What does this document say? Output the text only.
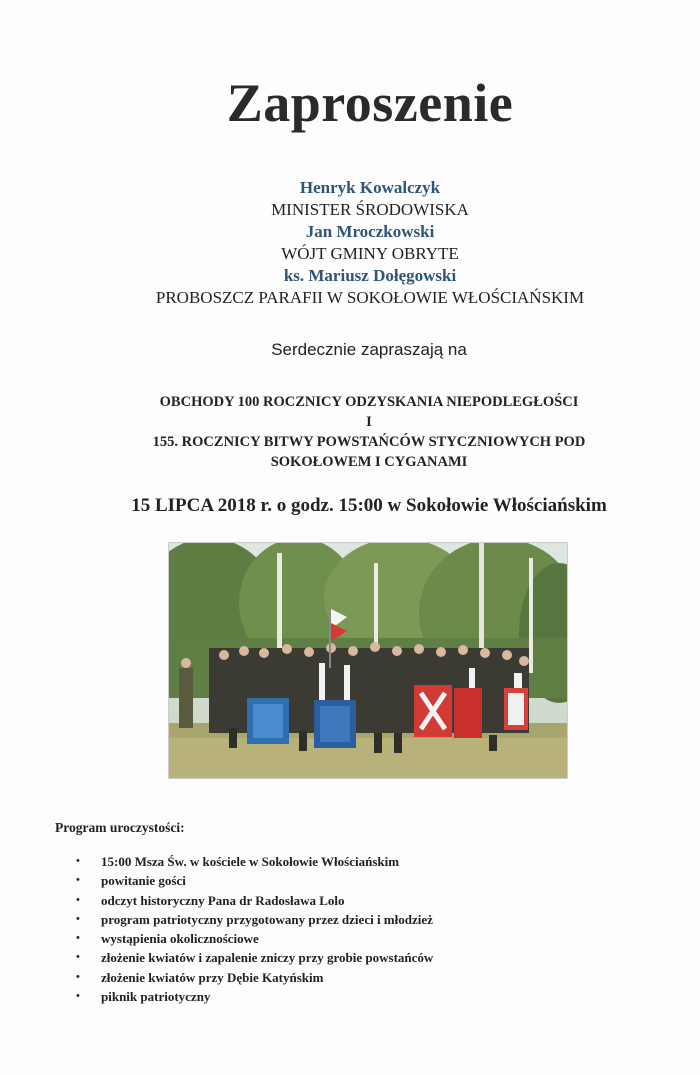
Zaproszenie
Henryk Kowalczyk
MINISTER ŚRODOWISKA
Jan Mroczkowski
WÓJT GMINY OBRYTE
ks. Mariusz Dołęgowski
PROBOSZCZ PARAFII W SOKOŁOWIE WŁOŚCIAŃSKIM
Serdecznie zapraszają na
OBCHODY 100 ROCZNICY ODZYSKANIA NIEPODLEGŁOŚCI
I
155. ROCZNICY BITWY POWSTAŃCÓW STYCZNIOWYCH POD
SOKOŁOWEM I CYGANAMI
15 LIPCA 2018 r. o godz. 15:00 w Sokołowie Włościańskim
Program uroczystości:
• 15:00 Msza Św. w kościele w Sokołowie Włościańskim
• powitanie gości
• odczyt historyczny Pana dr Radosława Lolo
• program patriotyczny przygotowany przez dzieci i młodzież
• wystąpienia okolicznościowe
• złożenie kwiatów i zapalenie zniczy przy grobie powstańców
• złożenie kwiatów przy Dębie Katyńskim
• piknik patriotyczny
